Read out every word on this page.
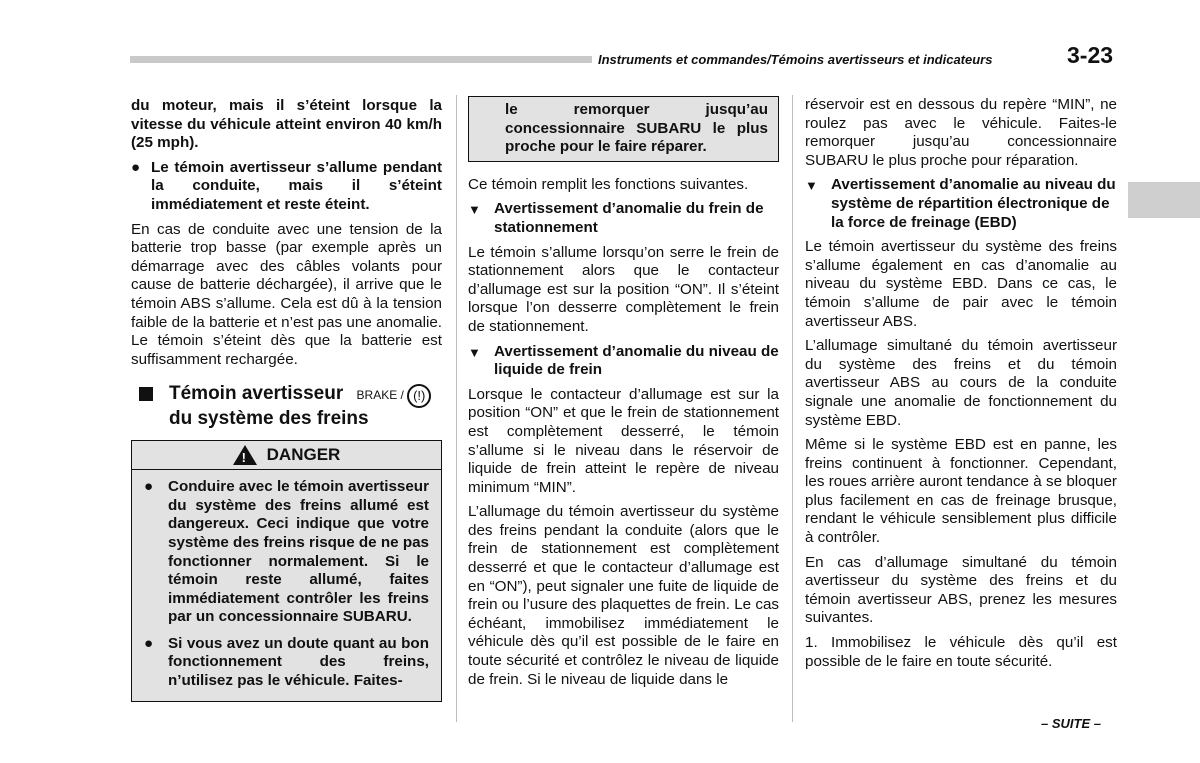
Instruments et commandes/Témoins avertisseurs et indicateurs	3-23

du moteur, mais il s’éteint lorsque la vitesse du véhicule atteint environ 40 km/h (25 mph).

● Le témoin avertisseur s’allume pendant la conduite, mais il s’éteint immédiatement et reste éteint.

En cas de conduite avec une tension de la batterie trop basse (par exemple après un démarrage avec des câbles volants pour cause de batterie déchargée), il arrive que le témoin ABS s’allume. Cela est dû à la tension faible de la batterie et n’est pas une anomalie. Le témoin s’éteint dès que la batterie est suffisamment rechargée.

Témoin avertisseur BRAKE / (!)
du système des freins
! DANGER
● Conduire avec le témoin avertisseur du système des freins allumé est dangereux. Ceci indique que votre système des freins risque de ne pas fonctionner normalement. Si le témoin reste allumé, faites immédiatement contrôler les freins par un concessionnaire SUBARU.
● Si vous avez un doute quant au bon fonctionnement des freins, n’utilisez pas le véhicule. Faites-
le remorquer jusqu’au concessionnaire SUBARU le plus proche pour le faire réparer.

Ce témoin remplit les fonctions suivantes.

▼ Avertissement d’anomalie du frein de stationnement

Le témoin s’allume lorsqu’on serre le frein de stationnement alors que le contacteur d’allumage est sur la position “ON”. Il s’éteint lorsque l’on desserre complètement le frein de stationnement.

▼ Avertissement d’anomalie du niveau de liquide de frein

Lorsque le contacteur d’allumage est sur la position “ON” et que le frein de stationnement est complètement desserré, le témoin s’allume si le niveau dans le réservoir de liquide de frein atteint le repère de niveau minimum “MIN”.

L’allumage du témoin avertisseur du système des freins pendant la conduite (alors que le frein de stationnement est complètement desserré et que le contacteur d’allumage est en “ON”), peut signaler une fuite de liquide de frein ou l’usure des plaquettes de frein. Le cas échéant, immobilisez immédiatement le véhicule dès qu’il est possible de le faire en toute sécurité et contrôlez le niveau de liquide de frein. Si le niveau de liquide dans le

réservoir est en dessous du repère “MIN”, ne roulez pas avec le véhicule. Faites-le remorquer jusqu’au concessionnaire SUBARU le plus proche pour réparation.

▼ Avertissement d’anomalie au niveau du système de répartition électronique de la force de freinage (EBD)

Le témoin avertisseur du système des freins s’allume également en cas d’anomalie au niveau du système EBD. Dans ce cas, le témoin s’allume de pair avec le témoin avertisseur ABS.

L’allumage simultané du témoin avertisseur du système des freins et du témoin avertisseur ABS au cours de la conduite signale une anomalie de fonctionnement du système EBD.

Même si le système EBD est en panne, les freins continuent à fonctionner. Cependant, les roues arrière auront tendance à se bloquer plus facilement en cas de freinage brusque, rendant le véhicule sensiblement plus difficile à contrôler.

En cas d’allumage simultané du témoin avertisseur du système des freins et du témoin avertisseur ABS, prenez les mesures suivantes.

1. Immobilisez le véhicule dès qu’il est possible de le faire en toute sécurité.

– SUITE –
